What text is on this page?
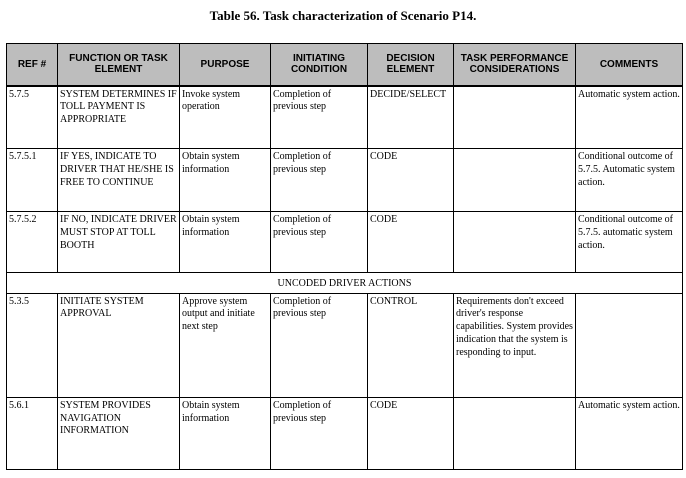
Table 56. Task characterization of Scenario P14.
REF #	FUNCTION OR TASK ELEMENT	PURPOSE	INITIATING CONDITION	DECISION ELEMENT	TASK PERFORMANCE CONSIDERATIONS	COMMENTS
5.7.5	SYSTEM DETERMINES IF TOLL PAYMENT IS APPROPRIATE	Invoke system operation	Completion of previous step	DECIDE/SELECT		Automatic system action.
5.7.5.1	IF YES, INDICATE TO DRIVER THAT HE/SHE IS FREE TO CONTINUE	Obtain system information	Completion of previous step	CODE		Conditional outcome of 5.7.5. Automatic system action.
5.7.5.2	IF NO, INDICATE DRIVER MUST STOP AT TOLL BOOTH	Obtain system information	Completion of previous step	CODE		Conditional outcome of 5.7.5. automatic system action.
UNCODED DRIVER ACTIONS						
5.3.5	INITIATE SYSTEM APPROVAL	Approve system output and initiate next step	Completion of previous step	CONTROL	Requirements don't exceed driver's response capabilities. System provides indication that the system is responding to input.	
5.6.1	SYSTEM PROVIDES NAVIGATION INFORMATION	Obtain system information	Completion of previous step	CODE		Automatic system action.
